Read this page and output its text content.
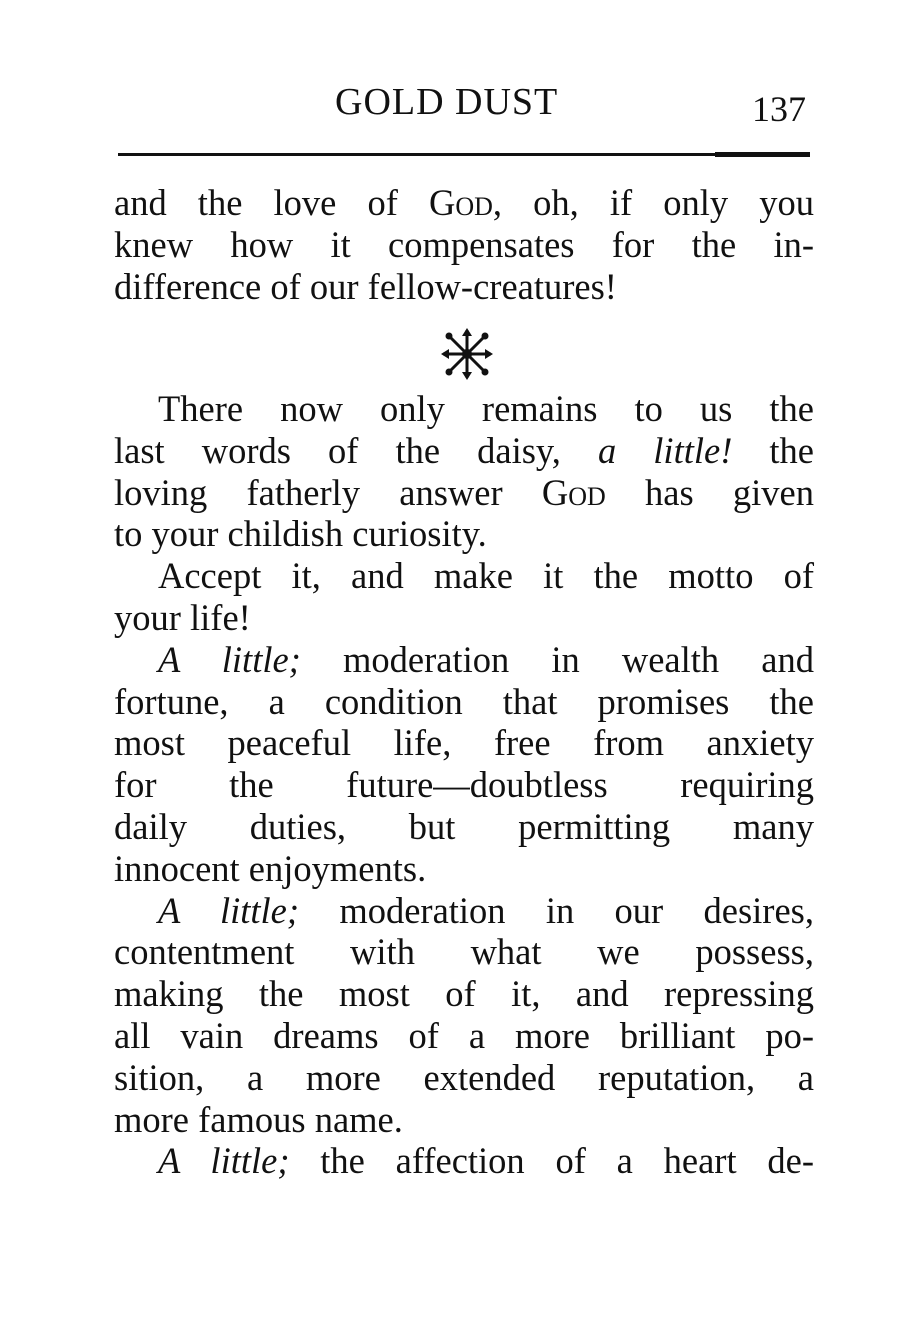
GOLD DUST	137
and the love of God, oh, if only you
knew how it compensates for the in-
difference of our fellow-creatures!
There now only remains to us the
last words of the daisy, a little! the
loving fatherly answer God has given
to your childish curiosity.
Accept it, and make it the motto of
your life!
A little; moderation in wealth and
fortune, a condition that promises the
most peaceful life, free from anxiety
for the future—doubtless requiring
daily duties, but permitting many
innocent enjoyments.
A little; moderation in our desires,
contentment with what we possess,
making the most of it, and repressing
all vain dreams of a more brilliant po-
sition, a more extended reputation, a
more famous name.
A little; the affection of a heart de-
